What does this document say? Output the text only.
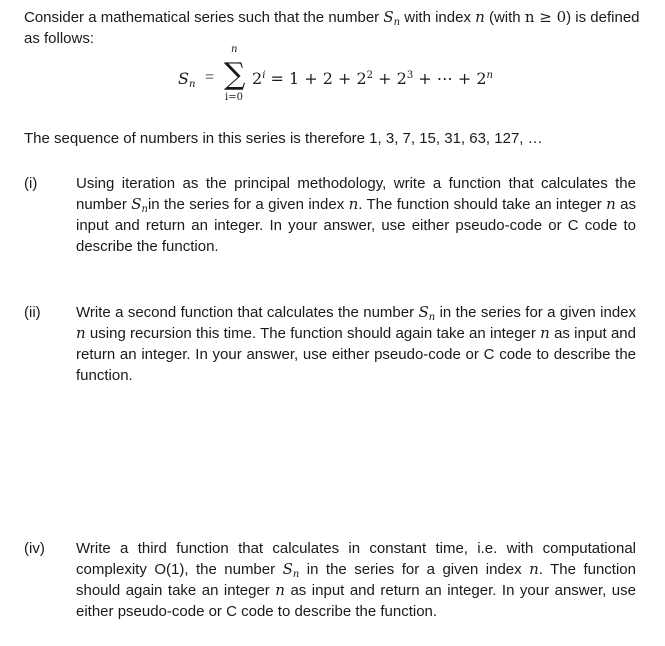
Consider a mathematical series such that the number $S_n$ with index n (with n ≥ 0) is defined as follows:
$S_n$ =
n
∑
i=0
$2^i = 1 + 2 + 2^2 + 2^3$ + ⋯ + $2^n$
The sequence of numbers in this series is therefore 1, 3, 7, 15, 31, 63, 127, …
(i)	Using iteration as the principal methodology, write a function that calculates the number $S_nin$ the series for a given index n. The function should take an integer n as input and return an integer. In your answer, use either pseudo-code or C code to describe the function.
(ii) Write a second function that calculates the number $S_n$ in the series for a given index n using recursion this time. The function should again take an integer n as input and return an integer. In your answer, use either pseudo-code or C code to describe the function.
(iv) Write a third function that calculates in constant time, i.e. with computational complexity O(1), the number $S_n$ in the series for a given index n. The function should again take an integer n as input and return an integer. In your answer, use either pseudo-code or C code to describe the function.
